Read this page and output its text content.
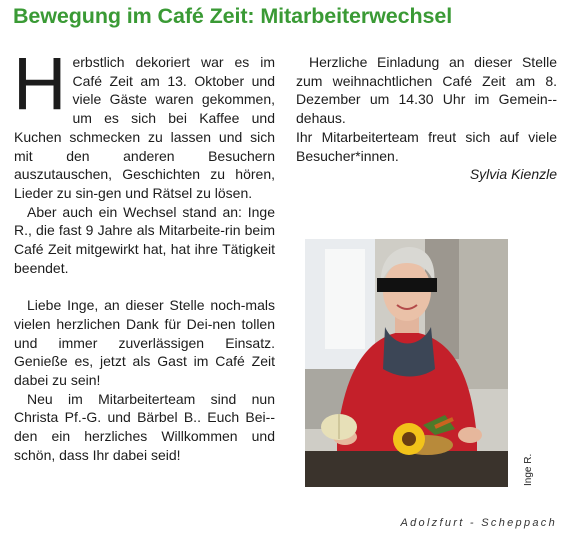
Bewegung im Café Zeit: Mitarbeiterwechsel

Herbstlich dekoriert war es im Café Zeit am 13. Oktober und viele Gäste waren gekommen, um es sich bei Kaffee und Kuchen schmecken zu lassen und sich mit den anderen Besuchern auszutauschen, Geschichten zu hören, Lieder zu sin-gen und Rätsel zu lösen.

Aber auch ein Wechsel stand an: Inge R., die fast 9 Jahre als Mitarbeite-rin beim Café Zeit mitgewirkt hat, hat ihre Tätigkeit beendet.

Liebe Inge, an dieser Stelle noch-mals vielen herzlichen Dank für Dei-nen tollen und immer zuverlässigen Einsatz. Genieße es, jetzt als Gast im Café Zeit dabei zu sein!

Neu im Mitarbeiterteam sind nun Christa Pf.-G. und Bärbel B.. Euch Bei-den ein herzliches Willkommen und schön, dass Ihr dabei seid!

Herzliche Einladung an dieser Stelle zum weihnachtlichen Café Zeit am 8. Dezember um 14.30 Uhr im Gemein-dehaus.

Ihr Mitarbeiterteam freut sich auf viele Besucher*innen.

Sylvia Kienzle

Inge R.
Adolzfurt - Scheppach
